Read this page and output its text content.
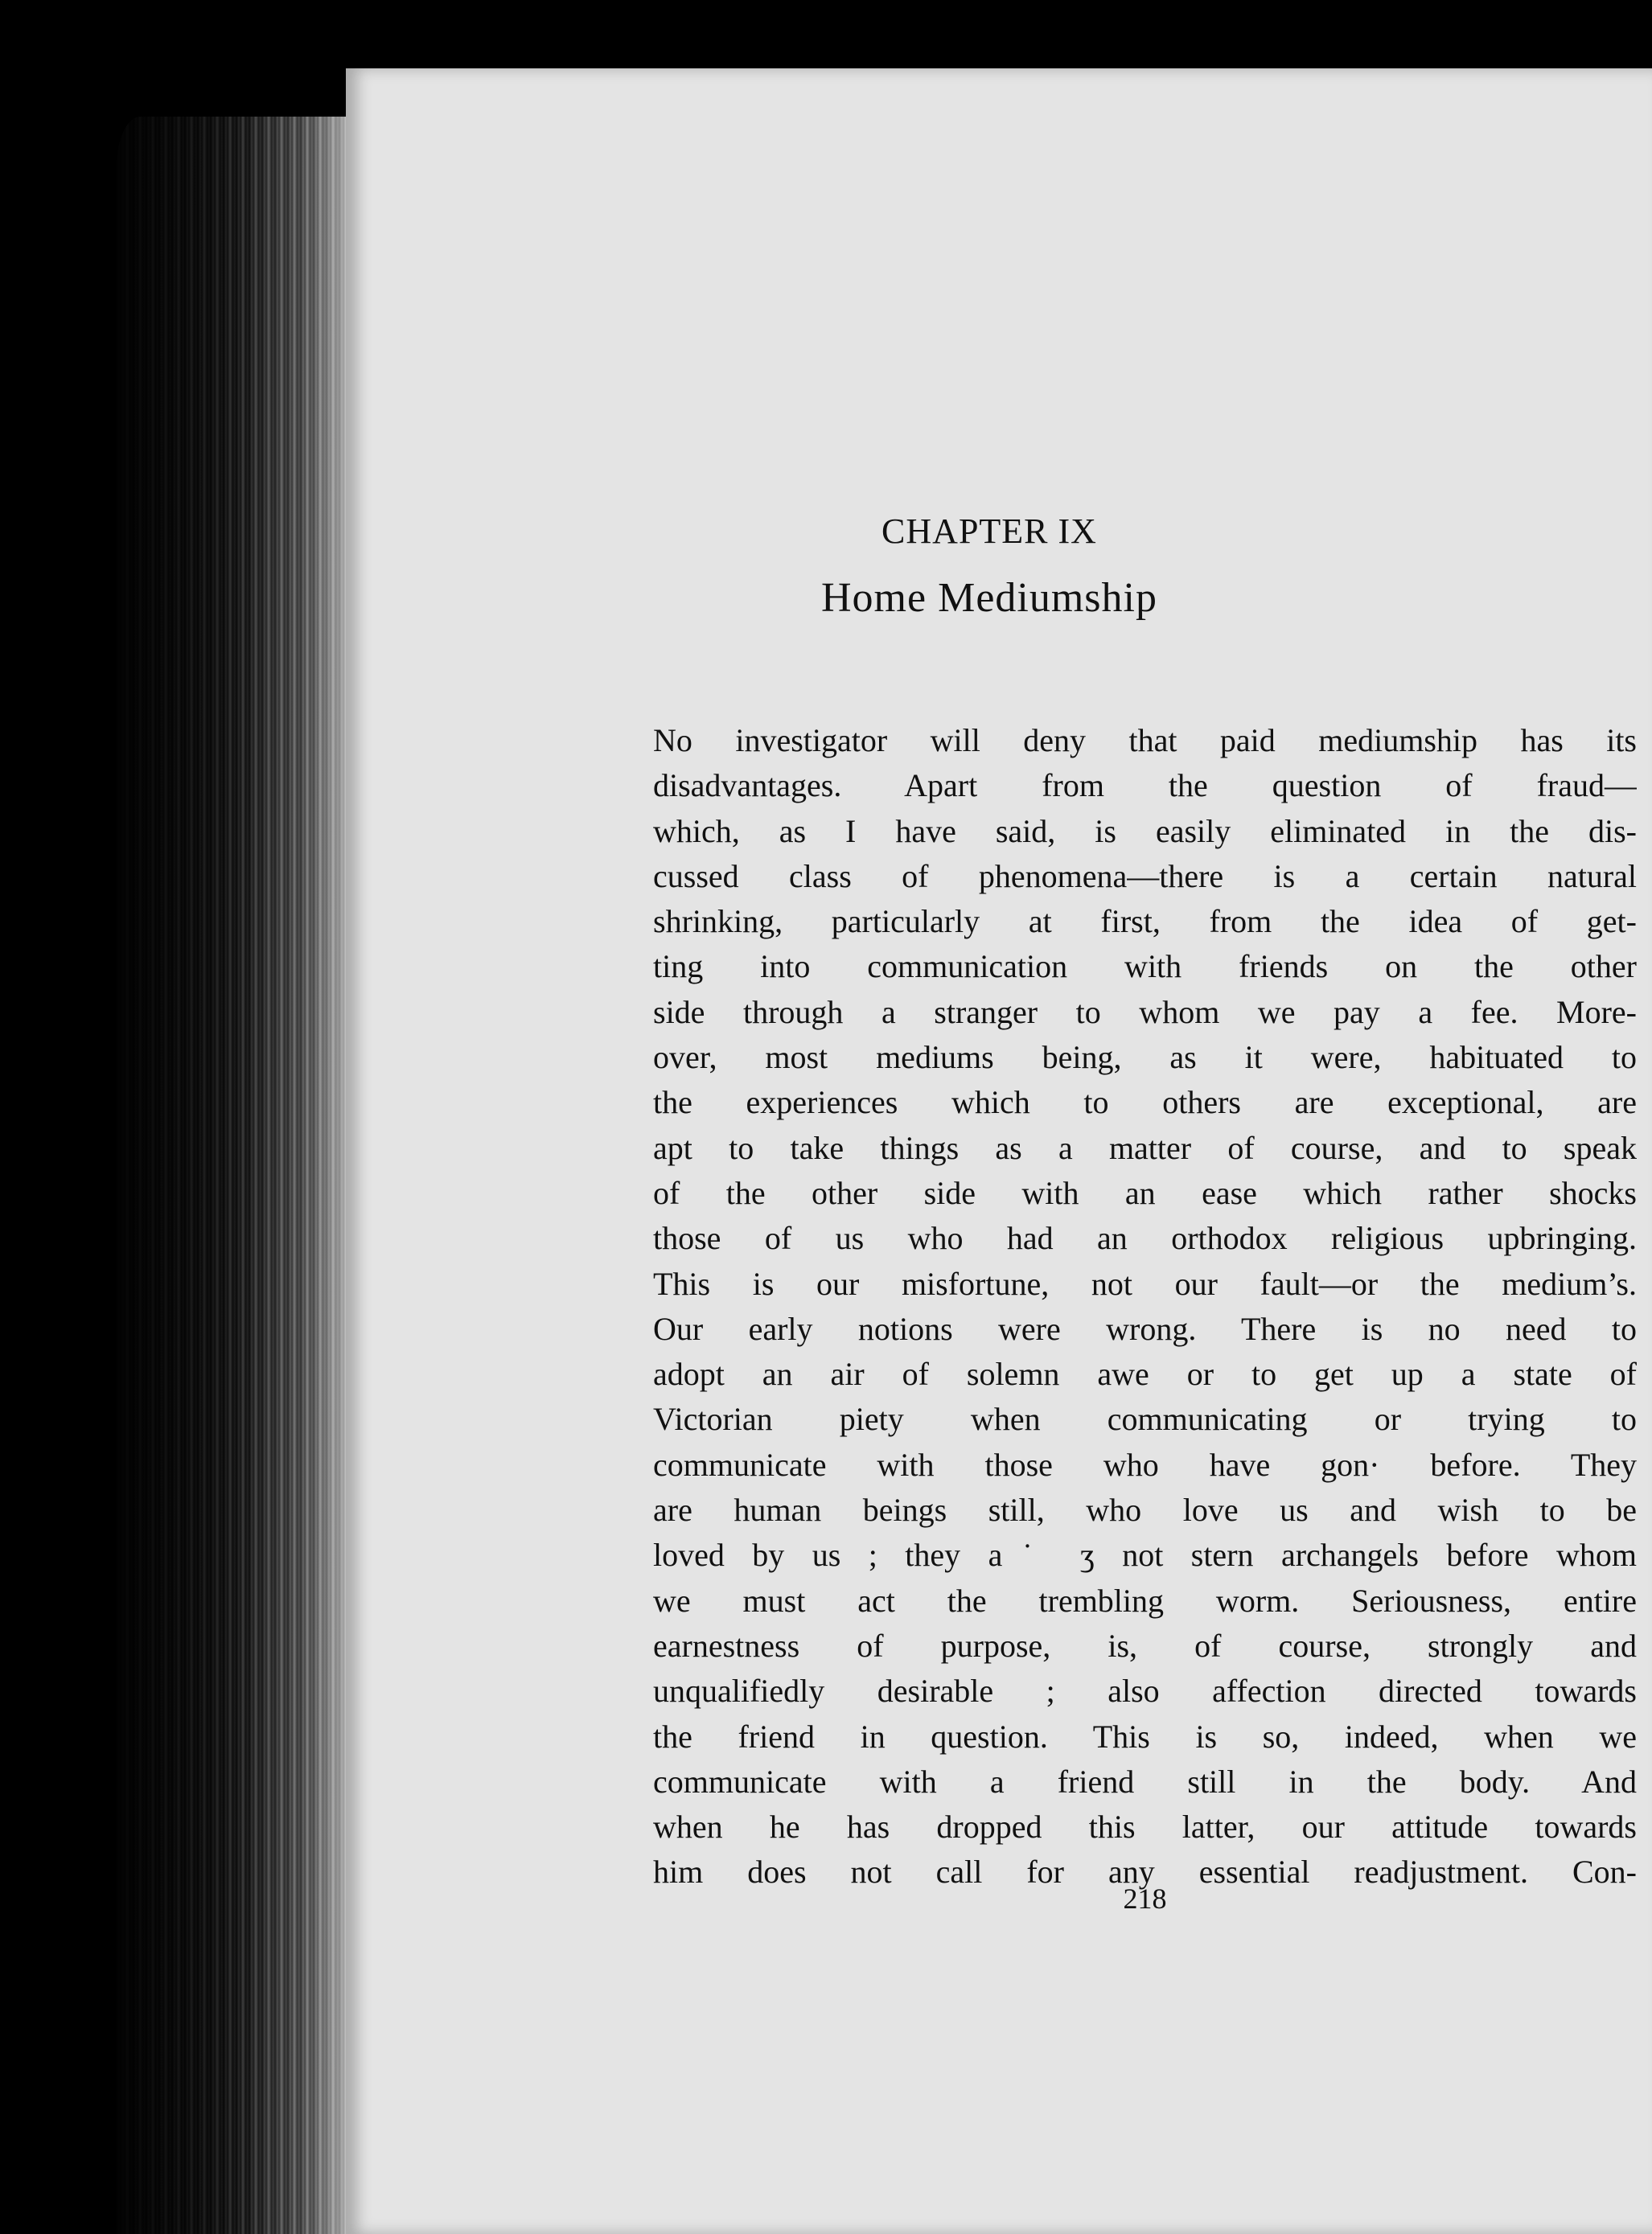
CHAPTER IX
Home Mediumship
No investigator will deny that paid mediumship has its
disadvantages. Apart from the question of fraud—
which, as I have said, is easily eliminated in the dis-
cussed class of phenomena—there is a certain natural
shrinking, particularly at first, from the idea of get-
ting into communication with friends on the other
side through a stranger to whom we pay a fee. More-
over, most mediums being, as it were, habituated to
the experiences which to others are exceptional, are
apt to take things as a matter of course, and to speak
of the other side with an ease which rather shocks
those of us who had an orthodox religious upbringing.
This is our misfortune, not our fault—or the medium’s.
Our early notions were wrong. There is no need to
adopt an air of solemn awe or to get up a state of
Victorian piety when communicating or trying to
communicate with those who have gon· before. They
are human beings still, who love us and wish to be
loved by us ; they a˙ ʒ not stern archangels before whom
we must act the trembling worm. Seriousness, entire
earnestness of purpose, is, of course, strongly and
unqualifiedly desirable ; also affection directed towards
the friend in question. This is so, indeed, when we
communicate with a friend still in the body. And
when he has dropped this latter, our attitude towards
him does not call for any essential readjustment. Con-
218
